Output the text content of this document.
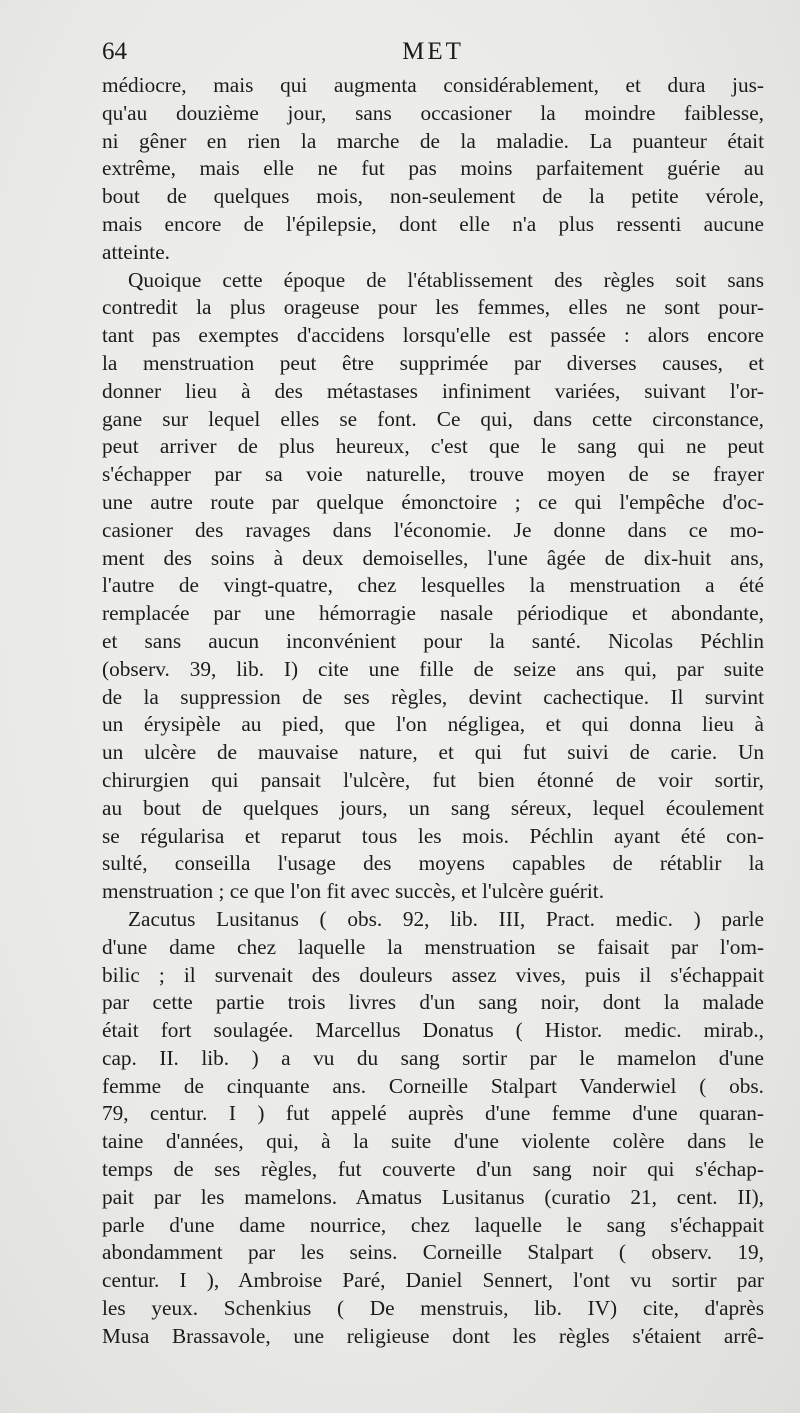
64	MET
médiocre, mais qui augmenta considérablement, et dura jus-
qu'au douzième jour, sans occasioner la moindre faiblesse,
ni gêner en rien la marche de la maladie. La puanteur était
extrême, mais elle ne fut pas moins parfaitement guérie au
bout de quelques mois, non-seulement de la petite vérole,
mais encore de l'épilepsie, dont elle n'a plus ressenti aucune
atteinte.
Quoique cette époque de l'établissement des règles soit sans
contredit la plus orageuse pour les femmes, elles ne sont pour-
tant pas exemptes d'accidens lorsqu'elle est passée : alors encore
la menstruation peut être supprimée par diverses causes, et
donner lieu à des métastases infiniment variées, suivant l'or-
gane sur lequel elles se font. Ce qui, dans cette circonstance,
peut arriver de plus heureux, c'est que le sang qui ne peut
s'échapper par sa voie naturelle, trouve moyen de se frayer
une autre route par quelque émonctoire ; ce qui l'empêche d'oc-
casioner des ravages dans l'économie. Je donne dans ce mo-
ment des soins à deux demoiselles, l'une âgée de dix-huit ans,
l'autre de vingt-quatre, chez lesquelles la menstruation a été
remplacée par une hémorragie nasale périodique et abondante,
et sans aucun inconvénient pour la santé. Nicolas Péchlin
(observ. 39, lib. I) cite une fille de seize ans qui, par suite
de la suppression de ses règles, devint cachectique. Il survint
un érysipèle au pied, que l'on négligea, et qui donna lieu à
un ulcère de mauvaise nature, et qui fut suivi de carie. Un
chirurgien qui pansait l'ulcère, fut bien étonné de voir sortir,
au bout de quelques jours, un sang séreux, lequel écoulement
se régularisa et reparut tous les mois. Péchlin ayant été con-
sulté, conseilla l'usage des moyens capables de rétablir la
menstruation ; ce que l'on fit avec succès, et l'ulcère guérit.
Zacutus Lusitanus ( obs. 92, lib. III, Pract. medic. ) parle
d'une dame chez laquelle la menstruation se faisait par l'om-
bilic ; il survenait des douleurs assez vives, puis il s'échappait
par cette partie trois livres d'un sang noir, dont la malade
était fort soulagée. Marcellus Donatus ( Histor. medic. mirab.,
cap. II. lib. ) a vu du sang sortir par le mamelon d'une
femme de cinquante ans. Corneille Stalpart Vanderwiel ( obs.
79, centur. I ) fut appelé auprès d'une femme d'une quaran-
taine d'années, qui, à la suite d'une violente colère dans le
temps de ses règles, fut couverte d'un sang noir qui s'échap-
pait par les mamelons. Amatus Lusitanus (curatio 21, cent. II),
parle d'une dame nourrice, chez laquelle le sang s'échappait
abondamment par les seins. Corneille Stalpart ( observ. 19,
centur. I ), Ambroise Paré, Daniel Sennert, l'ont vu sortir par
les yeux. Schenkius ( De menstruis, lib. IV) cite, d'après
Musa Brassavole, une religieuse dont les règles s'étaient arrê-
